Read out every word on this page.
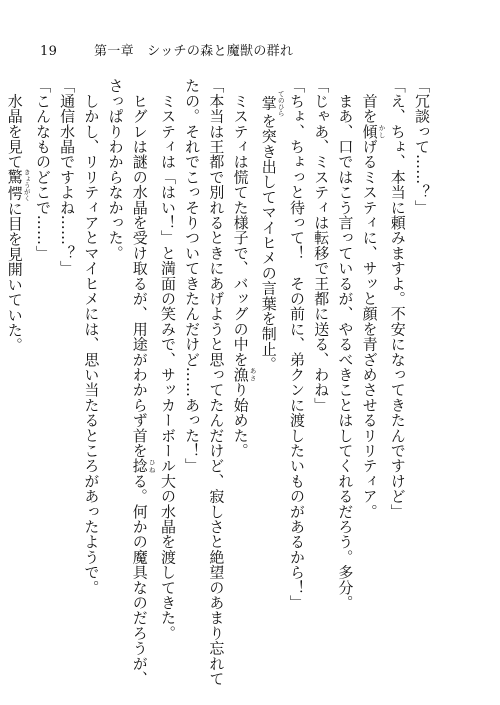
19	第一章　シッチの森と魔獣の群れ
「冗談って……？」
「え、ちょ、本当に頼みますよ。不安になってきたんですけど」
　首を傾 かしげるミスティに、サッと顔を青ざめさせるリリティア。
　まあ、口ではこう言っているが、やるべきことはしてくれるだろう。多分。
「じゃあ、ミスティは転移で王都に送る、わね」
「ちょ、ちょっと待って！　その前に、弟クンに渡したいものがあるから！」
　掌 てのひらを突き出してマイヒメの言葉を制止。
　ミスティは慌てた様子で、バッグの中を漁 あさり始めた。
「本当は王都で別れるときにあげようと思ってたんだけど、寂しさと絶望のあまり忘れて
たの。それでこっそりついてきたんだけど……あった！」
　ミスティは「はい！」と満面の笑みで、サッカーボール大の水晶を渡してきた。
　ヒグレは謎の水晶を受け取るが、用途がわからず首を捻 ひねる。何かの魔具なのだろうが、
さっぱりわからなかった。
　しかし、リリティアとマイヒメには、思い当たるところがあったようで。
「通信水晶ですよね……？」
「こんなものどこで……」
　水晶を見て驚愕 きょうがくに目を見開いていた。
